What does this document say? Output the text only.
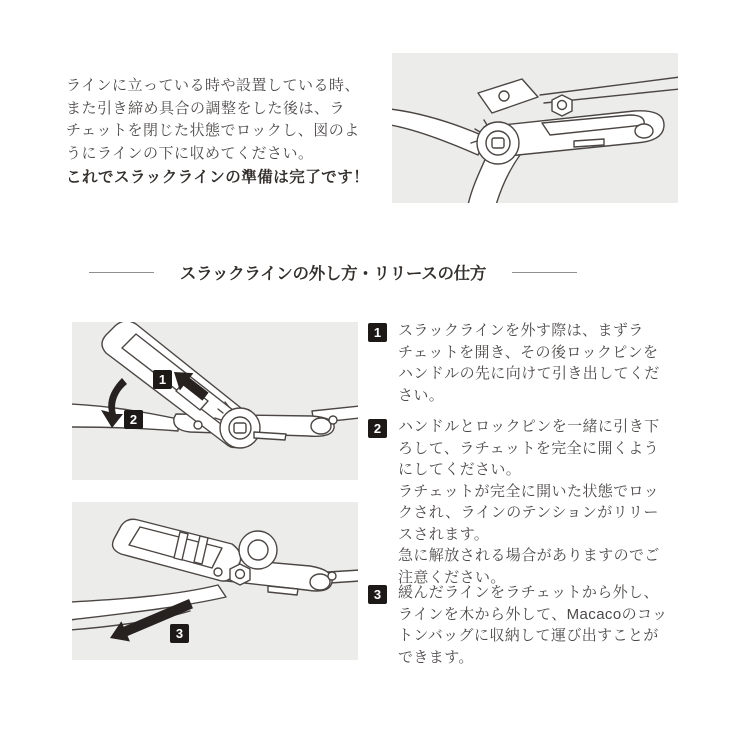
ラインに立っている時や設置している時、
また引き締め具合の調整をした後は、ラ
チェットを閉じた状態でロックし、図のよ
うにラインの下に収めてください。
これでスラックラインの準備は完了です！
スラックラインの外し方・リリースの仕方
1
2
3
1	スラックラインを外す際は、まずラ
チェットを開き、その後ロックピンを
ハンドルの先に向けて引き出してくだ
さい。
2	ハンドルとロックピンを一緒に引き下
ろして、ラチェットを完全に開くよう
にしてください。
ラチェットが完全に開いた状態でロッ
クされ、ラインのテンションがリリー
スされます。
急に解放される場合がありますのでご
注意ください。
3	緩んだラインをラチェットから外し、
ラインを木から外して、Macacoのコッ
トンバッグに収納して運び出すことが
できます。
